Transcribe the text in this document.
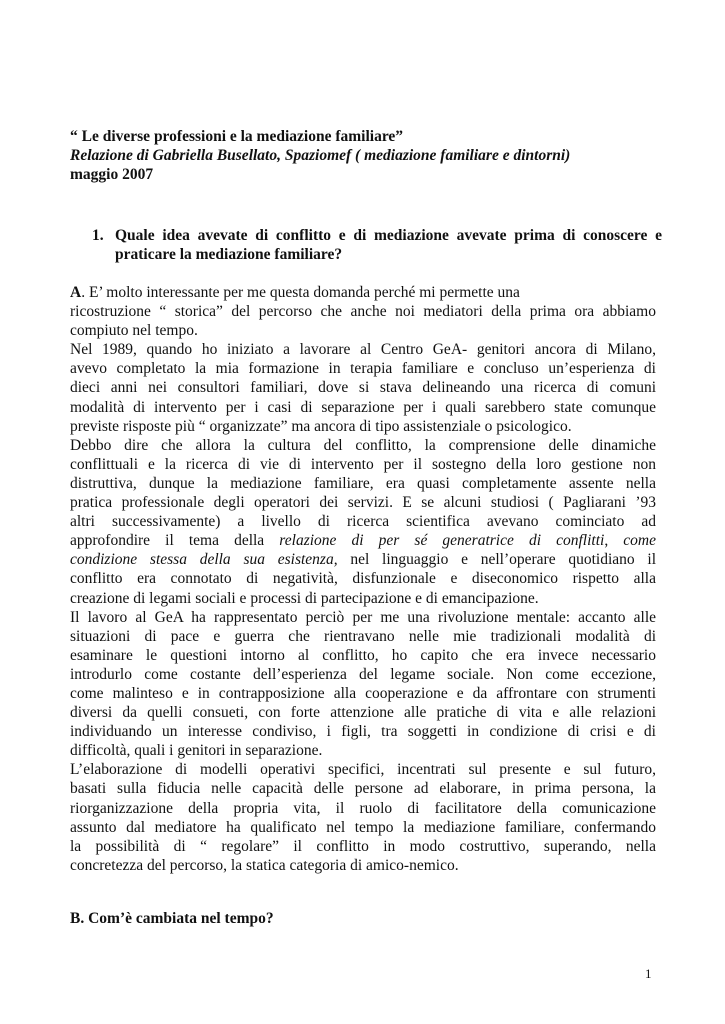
“ Le diverse professioni e la mediazione familiare”
Relazione di Gabriella Busellato, Spaziomef ( mediazione familiare e dintorni)
maggio 2007
1. Quale idea avevate di conflitto e di mediazione avevate prima di conoscere e praticare la mediazione familiare?
A. E’ molto interessante per me questa domanda perché mi permette una
ricostruzione “ storica” del percorso che anche noi mediatori della prima ora abbiamo
compiuto nel tempo.
Nel 1989, quando ho iniziato a lavorare al Centro GeA- genitori ancora di Milano,
avevo completato la mia formazione in terapia familiare e concluso un’esperienza di
dieci anni nei consultori familiari, dove si stava delineando una ricerca di comuni
modalità di intervento per i casi di separazione per i quali sarebbero state comunque
previste risposte più “ organizzate” ma ancora di tipo assistenziale o psicologico.
Debbo dire che allora la cultura del conflitto, la comprensione delle dinamiche
conflittuali e la ricerca di vie di intervento per il sostegno della loro gestione non
distruttiva, dunque la mediazione familiare, era quasi completamente assente nella
pratica professionale degli operatori dei servizi. E se alcuni studiosi ( Pagliarani ’93
altri successivamente) a livello di ricerca scientifica avevano cominciato ad
approfondire il tema della relazione di per sé generatrice di conflitti, come
condizione stessa della sua esistenza, nel linguaggio e nell’operare quotidiano il
conflitto era connotato di negatività, disfunzionale e diseconomico rispetto alla
creazione di legami sociali e processi di partecipazione e di emancipazione.
Il lavoro al GeA ha rappresentato perciò per me una rivoluzione mentale: accanto alle
situazioni di pace e guerra che rientravano nelle mie tradizionali modalità di
esaminare le questioni intorno al conflitto, ho capito che era invece necessario
introdurlo come costante dell’esperienza del legame sociale. Non come eccezione,
come malinteso e in contrapposizione alla cooperazione e da affrontare con strumenti
diversi da quelli consueti, con forte attenzione alle pratiche di vita e alle relazioni
individuando un interesse condiviso, i figli, tra soggetti in condizione di crisi e di
difficoltà, quali i genitori in separazione.
L’elaborazione di modelli operativi specifici, incentrati sul presente e sul futuro,
basati sulla fiducia nelle capacità delle persone ad elaborare, in prima persona, la
riorganizzazione della propria vita, il ruolo di facilitatore della comunicazione
assunto dal mediatore ha qualificato nel tempo la mediazione familiare, confermando
la possibilità di “ regolare” il conflitto in modo costruttivo, superando, nella
concretezza del percorso, la statica categoria di amico-nemico.
B. Com’è cambiata nel tempo?
1
